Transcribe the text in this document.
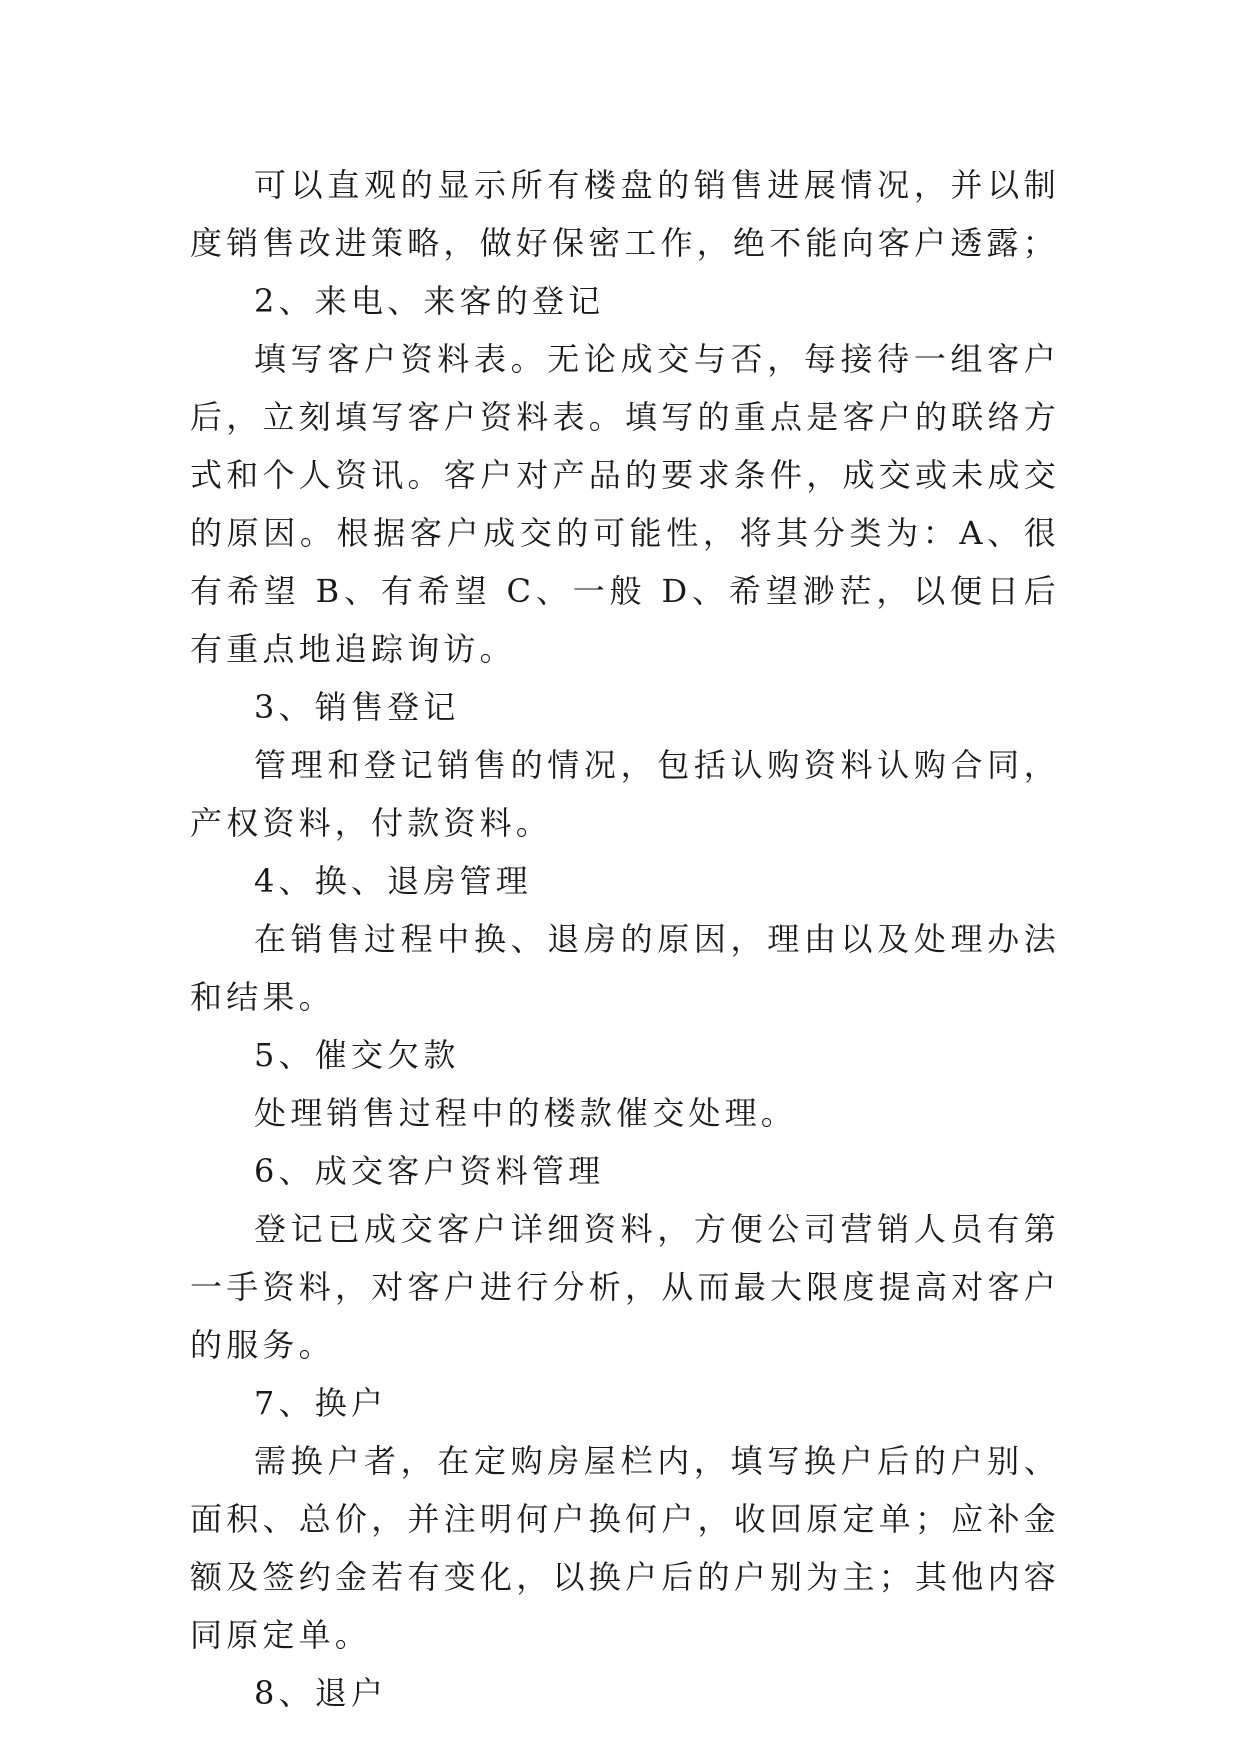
可以直观的显示所有楼盘的销售进展情况，并以制度销售改进策略，做好保密工作，绝不能向客户透露；

2、来电、来客的登记

填写客户资料表。无论成交与否，每接待一组客户后，立刻填写客户资料表。填写的重点是客户的联络方式和个人资讯。客户对产品的要求条件，成交或未成交的原因。根据客户成交的可能性，将其分类为：A、很有希望 B、有希望 C、一般 D、希望渺茫，以便日后有重点地追踪询访。

3、销售登记

管理和登记销售的情况，包括认购资料认购合同，产权资料，付款资料。

4、换、退房管理

在销售过程中换、退房的原因，理由以及处理办法和结果。

5、催交欠款

处理销售过程中的楼款催交处理。

6、成交客户资料管理

登记已成交客户详细资料，方便公司营销人员有第一手资料，对客户进行分析，从而最大限度提高对客户的服务。

7、换户

需换户者，在定购房屋栏内，填写换户后的户别、面积、总价，并注明何户换何户，收回原定单；应补金额及签约金若有变化，以换户后的户别为主；其他内容同原定单。

8、退户
